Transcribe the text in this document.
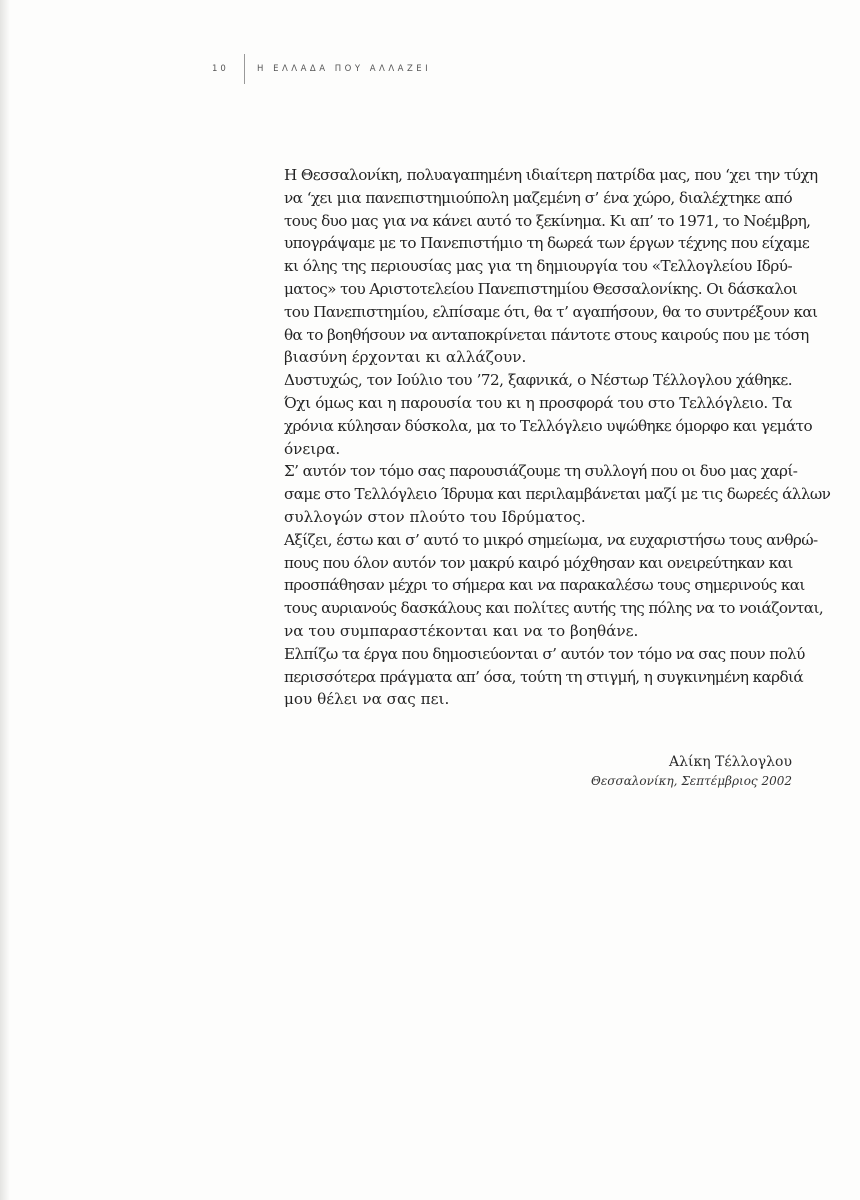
10	Η ΕΛΛΑΔΑ ΠΟΥ ΑΛΛΑΖΕΙ

Η Θεσσαλονίκη, πολυαγαπημένη ιδιαίτερη πατρίδα μας, που ‘χει την τύχη
να ‘χει μια πανεπιστημιούπολη μαζεμένη σ’ ένα χώρο, διαλέχτηκε από
τους δυο μας για να κάνει αυτό το ξεκίνημα. Κι απ’ το 1971, το Νοέμβρη,
υπογράψαμε με το Πανεπιστήμιο τη δωρεά των έργων τέχνης που είχαμε
κι όλης της περιουσίας μας για τη δημιουργία του «Τελλογλείου Ιδρύ-
ματος» του Αριστοτελείου Πανεπιστημίου Θεσσαλονίκης. Οι δάσκαλοι
του Πανεπιστημίου, ελπίσαμε ότι, θα τ’ αγαπήσουν, θα το συντρέξουν και
θα το βοηθήσουν να ανταποκρίνεται πάντοτε στους καιρούς που με τόση
βιασύνη έρχονται κι αλλάζουν.

Δυστυχώς, τον Ιούλιο του ’72, ξαφνικά, ο Νέστωρ Τέλλογλου χάθηκε.
Όχι όμως και η παρουσία του κι η προσφορά του στο Τελλόγλειο. Τα
χρόνια κύλησαν δύσκολα, μα το Τελλόγλειο υψώθηκε όμορφο και γεμάτο
όνειρα.

Σ’ αυτόν τον τόμο σας παρουσιάζουμε τη συλλογή που οι δυο μας χαρί-
σαμε στο Τελλόγλειο Ίδρυμα και περιλαμβάνεται μαζί με τις δωρεές άλλων
συλλογών στον πλούτο του Ιδρύματος.

Αξίζει, έστω και σ’ αυτό το μικρό σημείωμα, να ευχαριστήσω τους ανθρώ-
πους που όλον αυτόν τον μακρύ καιρό μόχθησαν και ονειρεύτηκαν και
προσπάθησαν μέχρι το σήμερα και να παρακαλέσω τους σημερινούς και
τους αυριανούς δασκάλους και πολίτες αυτής της πόλης να το νοιάζονται,
να του συμπαραστέκονται και να το βοηθάνε.

Ελπίζω τα έργα που δημοσιεύονται σ’ αυτόν τον τόμο να σας πουν πολύ
περισσότερα πράγματα απ’ όσα, τούτη τη στιγμή, η συγκινημένη καρδιά
μου θέλει να σας πει.

Αλίκη Τέλλογλου
Θεσσαλονίκη, Σεπτέμβριος 2002
